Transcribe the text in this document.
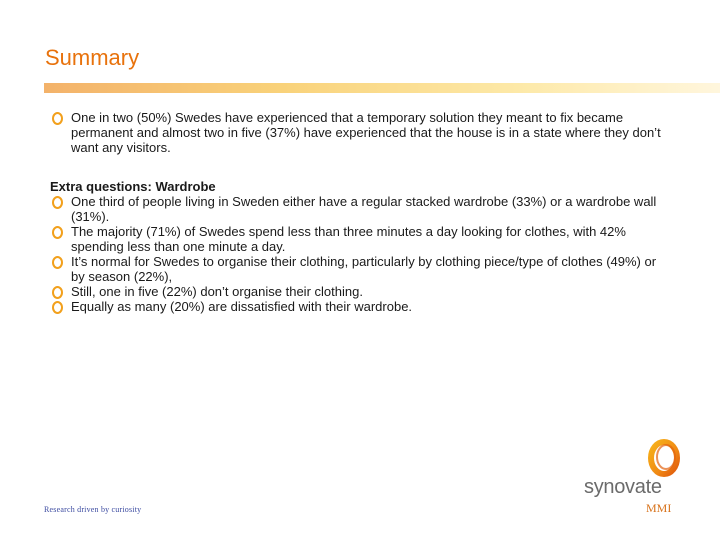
Summary
One in two (50%) Swedes have experienced that a temporary solution they meant to fix became permanent and almost two in five (37%) have experienced that the house is in a state where they don’t want any visitors.
Extra questions: Wardrobe
One third of people living in Sweden either have a regular stacked wardrobe (33%) or a wardrobe wall (31%).
The majority (71%) of Swedes spend less than three minutes a day looking for clothes, with 42% spending less than one minute a day.
It’s normal for Swedes to organise their clothing, particularly by clothing piece/type of clothes (49%) or by season (22%),
Still, one in five (22%) don’t organise their clothing.
Equally as many (20%) are dissatisfied with their wardrobe.
Research driven by curiosity
synovate
MMI
